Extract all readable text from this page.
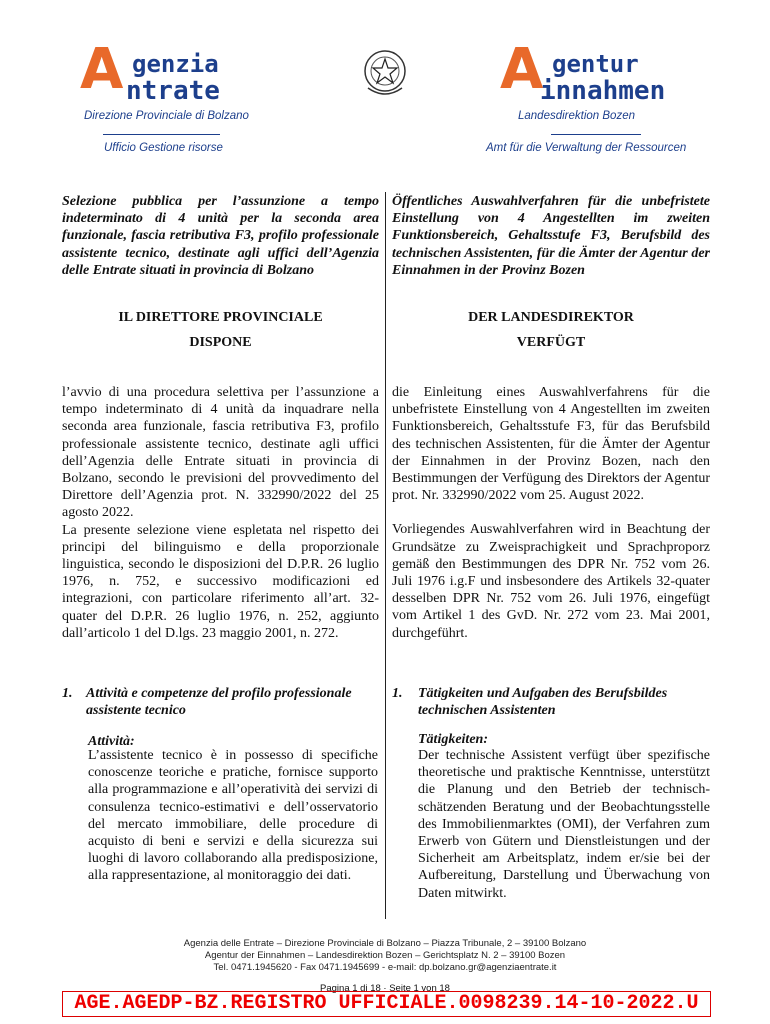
A genzia
ntrate
Direzione Provinciale di Bolzano
Ufficio Gestione risorse
A gentur
innahmen
Landesdirektion Bozen
Amt für die Verwaltung der Ressourcen
Selezione pubblica per l’assunzione a tempo indeterminato di 4 unità per la seconda area funzionale, fascia retributiva F3, profilo professionale assistente tecnico, destinate agli uffici dell’Agenzia delle Entrate situati in provincia di Bolzano
IL DIRETTORE PROVINCIALE
DISPONE

l’avvio di una procedura selettiva per l’assunzione a tempo indeterminato di 4 unità da inquadrare nella seconda area funzionale, fascia retributiva F3, profilo professionale assistente tecnico, destinate agli uffici dell’Agenzia delle Entrate situati in provincia di Bolzano, secondo le previsioni del provvedimento del Direttore dell’Agenzia prot. N. 332990/2022 del 25 agosto 2022.

La presente selezione viene espletata nel rispetto dei principi del bilinguismo e della proporzionale linguistica, secondo le disposizioni del D.P.R. 26 luglio 1976, n. 752, e successivo modificazioni ed integrazioni, con particolare riferimento all’art. 32-quater del D.P.R. 26 luglio 1976, n. 252, aggiunto dall’articolo 1 del D.lgs. 23 maggio 2001, n. 272.

1. Attività e competenze del profilo professionale assistente tecnico
Attività:
L’assistente tecnico è in possesso di specifiche conoscenze teoriche e pratiche, fornisce supporto alla programmazione e all’operatività dei servizi di consulenza tecnico-estimativi e dell’osservatorio del mercato immobiliare, delle procedure di acquisto di beni e servizi e della sicurezza sui luoghi di lavoro collaborando alla predisposizione, alla rappresentazione, al monitoraggio dei dati.
Öffentliches Auswahlverfahren für die unbefristete Einstellung von 4 Angestellten im zweiten Funktionsbereich, Gehaltsstufe F3, Berufsbild des technischen Assistenten, für die Ämter der Agentur der Einnahmen in der Provinz Bozen
DER LANDESDIREKTOR
VERFÜGT

die Einleitung eines Auswahlverfahrens für die unbefristete Einstellung von 4 Angestellten im zweiten Funktionsbereich, Gehaltsstufe F3, für das Berufsbild des technischen Assistenten, für die Ämter der Agentur der Einnahmen in der Provinz Bozen, nach den Bestimmungen der Verfügung des Direktors der Agentur prot. Nr. 332990/2022 vom 25. August 2022.

Vorliegendes Auswahlverfahren wird in Beachtung der Grundsätze zu Zweisprachigkeit und Sprachproporz gemäß den Bestimmungen des DPR Nr. 752 vom 26. Juli 1976 i.g.F und insbesondere des Artikels 32-quater desselben DPR Nr. 752 vom 26. Juli 1976, eingefügt vom Artikel 1 des GvD. Nr. 272 vom 23. Mai 2001, durchgeführt.

1. Tätigkeiten und Aufgaben des Berufsbildes technischen Assistenten
Tätigkeiten:
Der technische Assistent verfügt über spezifische theoretische und praktische Kenntnisse, unterstützt die Planung und den Betrieb der technisch-schätzenden Beratung und der Beobachtungsstelle des Immobilienmarktes (OMI), der Verfahren zum Erwerb von Gütern und Dienstleistungen und der Sicherheit am Arbeitsplatz, indem er/sie bei der Aufbereitung, Darstellung und Überwachung von Daten mitwirkt.
Agenzia delle Entrate – Direzione Provinciale di Bolzano – Piazza Tribunale, 2 – 39100 Bolzano
Agentur der Einnahmen – Landesdirektion Bozen – Gerichtsplatz N. 2 – 39100 Bozen
Tel. 0471.1945620 - Fax 0471.1945699 - e-mail: dp.bolzano.gr@agenziaentrate.it
Pagina 1 di 18 · Seite 1 von 18
AGE.AGEDP-BZ.REGISTRO UFFICIALE.0098239.14-10-2022.U
